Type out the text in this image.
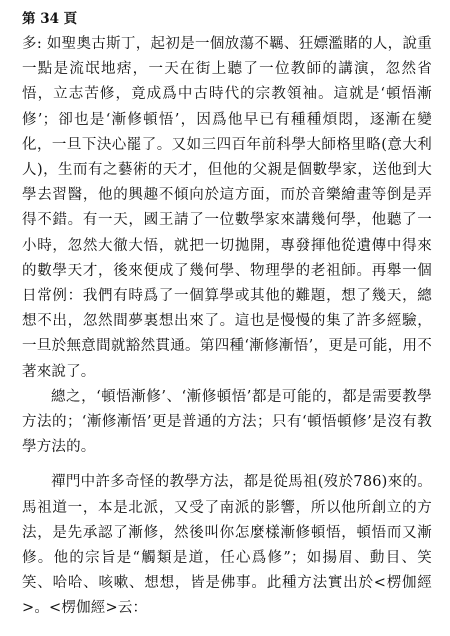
第 34 頁

多: 如聖奧古斯丁，起初是一個放蕩不羈、狂嫖濫賭的人，說重一點是流氓地痞，一天在街上聽了一位教師的講演，忽然省悟，立志苦修，竟成爲中古時代的宗教領袖。這就是‘頓悟漸修’；卻也是‘漸修頓悟’，因爲他早已有種種煩悶，逐漸在變化，一旦下決心罷了。又如三四百年前科學大師格里略(意大利人)，生而有之藝術的天才，但他的父親是個數學家，送他到大學去習醫，他的興趣不傾向於這方面，而於音樂繪畫等倒是弄得不錯。有一天，國王請了一位數學家來講幾何學，他聽了一小時，忽然大徹大悟，就把一切拋開，專發揮他從遺傳中得來的數學天才，後來便成了幾何學、物理學的老祖師。再舉一個日常例：我們有時爲了一個算學或其他的難題，想了幾天，總想不出，忽然間夢裏想出來了。這也是慢慢的集了許多經驗，一旦於無意間就豁然貫通。第四種‘漸修漸悟’，更是可能，用不著來說了。

總之，‘頓悟漸修’、‘漸修頓悟’都是可能的，都是需要教學方法的；‘漸修漸悟’更是普通的方法；只有‘頓悟頓修’是沒有教學方法的。

禪門中許多奇怪的教學方法，都是從馬祖(歿於786)來的。馬祖道一，本是北派，又受了南派的影響，所以他所創立的方法，是先承認了漸修，然後叫你怎麼樣漸修頓悟，頓悟而又漸修。他的宗旨是“觸類是道，任心爲修”；如揚眉、動目、笑笑、哈哈、咳嗽、想想，皆是佛事。此種方法實出於<楞伽經>。<楞伽經>云：
